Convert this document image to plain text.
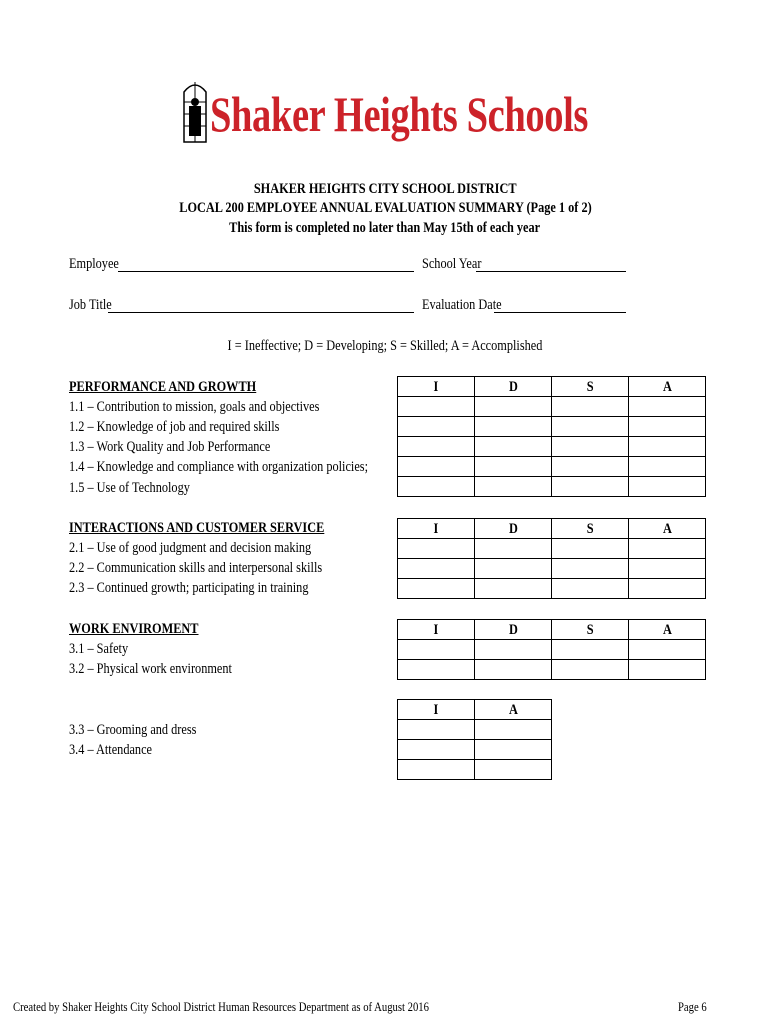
Shaker Heights Schools
SHAKER HEIGHTS CITY SCHOOL DISTRICT
LOCAL 200 EMPLOYEE ANNUAL EVALUATION SUMMARY (Page 1 of 2)
This form is completed no later than May 15th of each year
Employee	School Year
Job Title	Evaluation Date
I = Ineffective; D = Developing; S = Skilled; A = Accomplished
PERFORMANCE AND GROWTH
1.1 – Contribution to mission, goals and objectives
1.2 – Knowledge of job and required skills
1.3 – Work Quality and Job Performance
1.4 – Knowledge and compliance with organization policies;
1.5 – Use of Technology
I	D	S	A

INTERACTIONS AND CUSTOMER SERVICE
2.1 – Use of good judgment and decision making
2.2 – Communication skills and interpersonal skills
2.3 – Continued growth; participating in training
I	D	S	A

WORK ENVIROMENT
3.1 – Safety
3.2 – Physical work environment
I	D	S	A

3.3 – Grooming and dress
3.4 – Attendance
I	A

Created by Shaker Heights City School District Human Resources Department as of August 2016	Page 6
